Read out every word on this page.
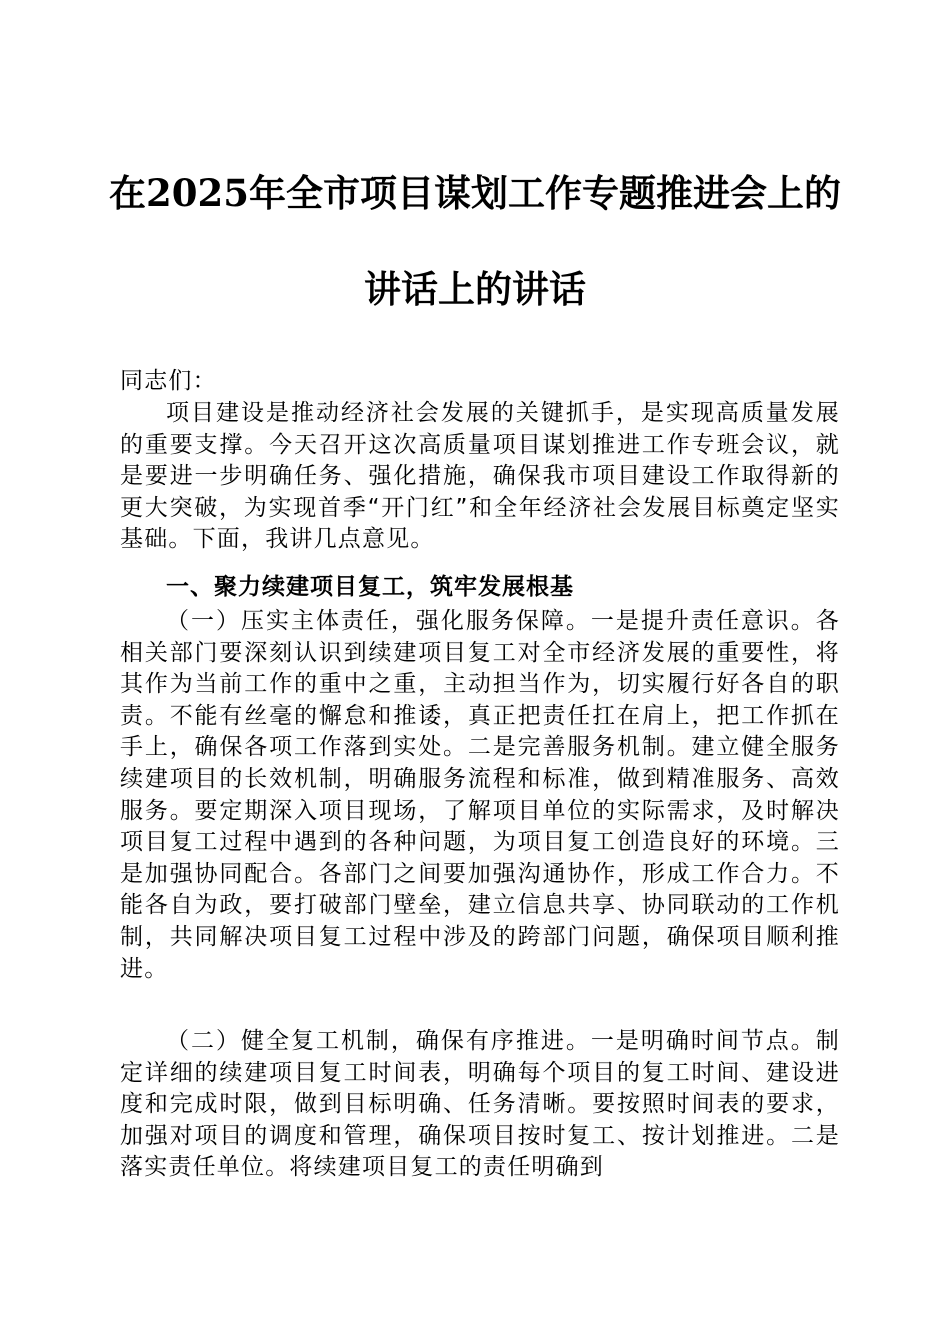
在2025年全市项目谋划工作专题推进会上的
讲话上的讲话
同志们：
项目建设是推动经济社会发展的关键抓手，是实现高质量发展的重要支撑。今天召开这次高质量项目谋划推进工作专班会议，就是要进一步明确任务、强化措施，确保我市项目建设工作取得新的更大突破，为实现首季“开门红”和全年经济社会发展目标奠定坚实基础。下面，我讲几点意见。
一、聚力续建项目复工，筑牢发展根基
（一）压实主体责任，强化服务保障。一是提升责任意识。各相关部门要深刻认识到续建项目复工对全市经济发展的重要性，将其作为当前工作的重中之重，主动担当作为，切实履行好各自的职责。不能有丝毫的懈怠和推诿，真正把责任扛在肩上，把工作抓在手上，确保各项工作落到实处。二是完善服务机制。建立健全服务续建项目的长效机制，明确服务流程和标准，做到精准服务、高效服务。要定期深入项目现场，了解项目单位的实际需求，及时解决项目复工过程中遇到的各种问题，为项目复工创造良好的环境。三是加强协同配合。各部门之间要加强沟通协作，形成工作合力。不能各自为政，要打破部门壁垒，建立信息共享、协同联动的工作机制，共同解决项目复工过程中涉及的跨部门问题，确保项目顺利推进。
（二）健全复工机制，确保有序推进。一是明确时间节点。制定详细的续建项目复工时间表，明确每个项目的复工时间、建设进度和完成时限，做到目标明确、任务清晰。要按照时间表的要求，加强对项目的调度和管理，确保项目按时复工、按计划推进。二是落实责任单位。将续建项目复工的责任明确到
